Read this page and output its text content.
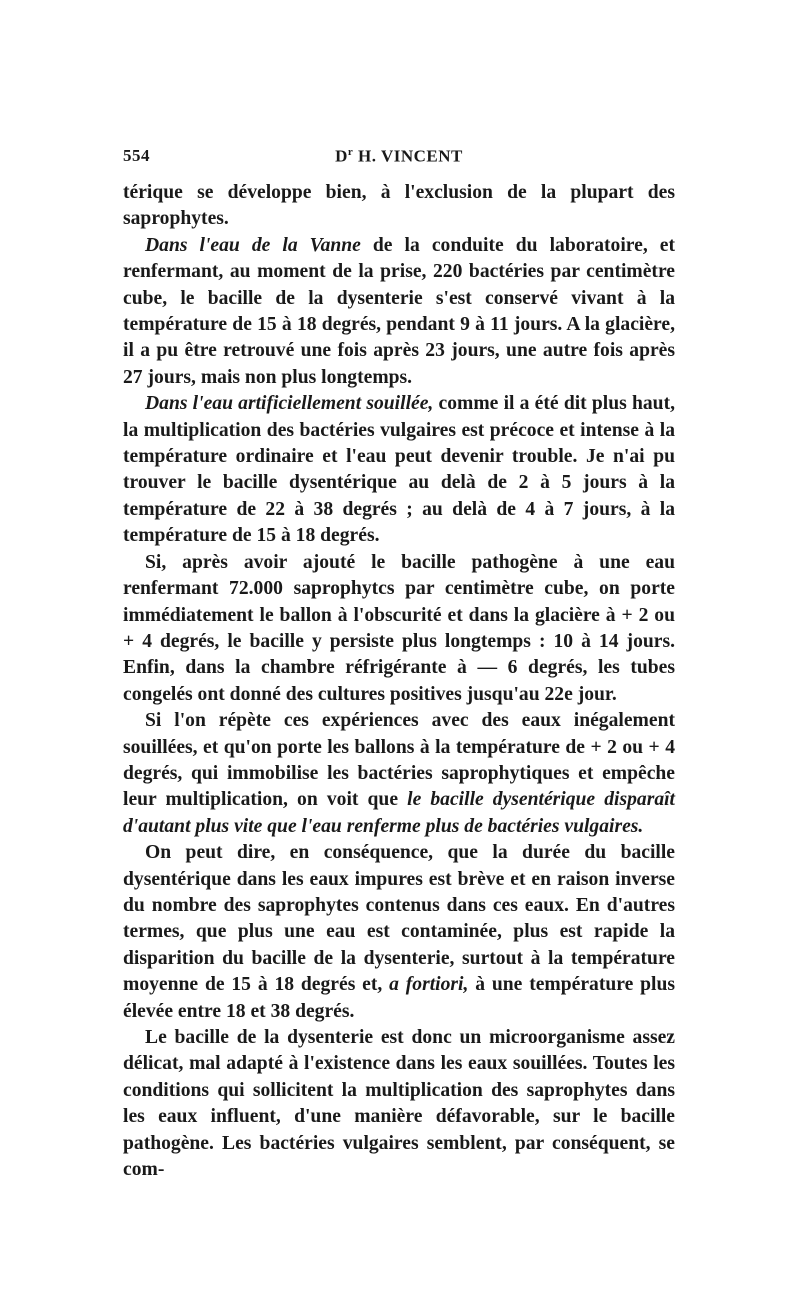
554	$D^r$ H. VINCENT

térique se développe bien, à l'exclusion de la plupart des saprophytes.

Dans l'eau de la Vanne de la conduite du laboratoire, et renfermant, au moment de la prise, 220 bactéries par centimètre cube, le bacille de la dysenterie s'est conservé vivant à la température de 15 à 18 degrés, pendant 9 à 11 jours. A la glacière, il a pu être retrouvé une fois après 23 jours, une autre fois après 27 jours, mais non plus longtemps.

Dans l'eau artificiellement souillée, comme il a été dit plus haut, la multiplication des bactéries vulgaires est précoce et intense à la température ordinaire et l'eau peut devenir trouble. Je n'ai pu trouver le bacille dysentérique au delà de 2 à 5 jours à la température de 22 à 38 degrés ; au delà de 4 à 7 jours, à la température de 15 à 18 degrés.

Si, après avoir ajouté le bacille pathogène à une eau renfermant 72.000 saprophytcs par centimètre cube, on porte immédiatement le ballon à l'obscurité et dans la glacière à + 2 ou + 4 degrés, le bacille y persiste plus longtemps : 10 à 14 jours. Enfin, dans la chambre réfrigérante à — 6 degrés, les tubes congelés ont donné des cultures positives jusqu'au 22e jour.

Si l'on répète ces expériences avec des eaux inégalement souillées, et qu'on porte les ballons à la température de + 2 ou + 4 degrés, qui immobilise les bactéries saprophytiques et empêche leur multiplication, on voit que le bacille dysentérique disparaît d'autant plus vite que l'eau renferme plus de bactéries vulgaires.

On peut dire, en conséquence, que la durée du bacille dysentérique dans les eaux impures est brève et en raison inverse du nombre des saprophytes contenus dans ces eaux. En d'autres termes, que plus une eau est contaminée, plus est rapide la disparition du bacille de la dysenterie, surtout à la température moyenne de 15 à 18 degrés et, a fortiori, à une température plus élevée entre 18 et 38 degrés.

Le bacille de la dysenterie est donc un microorganisme assez délicat, mal adapté à l'existence dans les eaux souillées. Toutes les conditions qui sollicitent la multiplication des saprophytes dans les eaux influent, d'une manière défavorable, sur le bacille pathogène. Les bactéries vulgaires semblent, par conséquent, se com-
